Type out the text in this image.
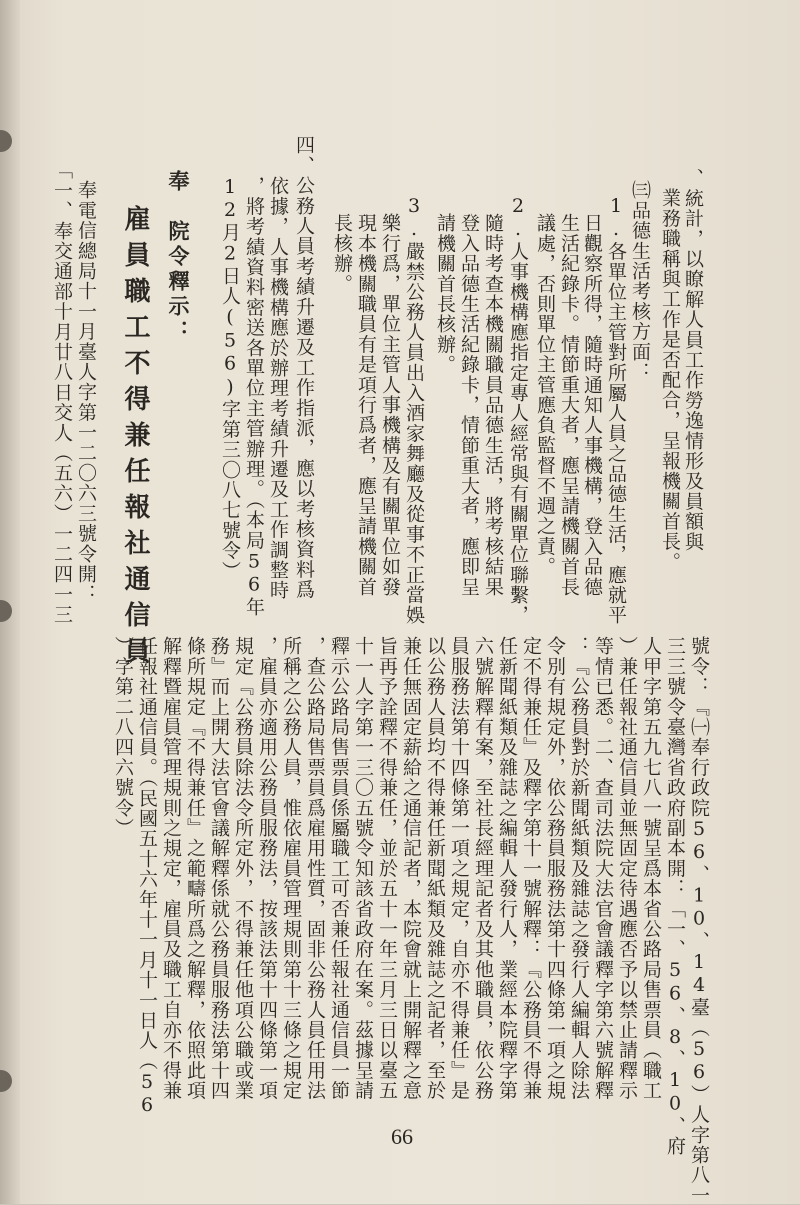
、統計，以瞭解人員工作勞逸情形及員額與
業務職稱與工作是否配合，呈報機關首長。
㈢品德生活考核方面：
1.各單位主管對所屬人員之品德生活，應就平
日觀察所得，隨時通知人事機構，登入品德
生活紀錄卡。情節重大者，應呈請機關首長
議處，否則單位主管應負監督不週之責。
2.人事機構應指定專人經常與有關單位聯繫，
隨時考查本機關職員品德生活，將考核結果
登入品德生活紀錄卡，情節重大者，應即呈
請機關首長核辦。
3.嚴禁公務人員出入酒家舞廳及從事不正當娛
樂行爲，單位主管人事機構及有關單位如發
現本機關職員有是項行爲者，應呈請機關首
長核辦。
四、公務人員考績升遷及工作指派，應以考核資料爲
依據，人事機構應於辦理考績升遷及工作調整時
，將考績資料密送各單位主管辦理。（本局56年
12月2日人(56)字第三〇八七號令）
奉　院令釋示：
雇員職工不得兼任報社通信員
奉電信總局十一月臺人字第一二〇六三號令開：
「一、奉交通部十月廿八日交人（五六）一二四一三
號令：『㈠奉行政院56、10、14臺（56）人字第八一
三三號令臺灣省政府副本開：「一、56、8、10、府
人甲字第五九七八一號呈爲本省公路局售票員（職工
）兼任報社通信員並無固定待遇應否予以禁止請釋示
等情已悉。二、查司法院大法官會議釋字第六號解釋
：『公務員對於新聞紙類及雜誌之發行人編輯人除法
令別有規定外，依公務員服務法第十四條第一項之規
定不得兼任』及釋字第十一號解釋：『公務員不得兼
任新聞紙類及雜誌之編輯人發行人，業經本院釋字第
六號解釋有案，至社長經理記者及其他職員，依公務
員服務法第十四條第一項之規定，自亦不得兼任』是
以公務人員均不得兼任新聞紙類及雜誌之記者，至於
兼任無固定薪給之通信記者，本院會就上開解釋之意
旨再予詮釋不得兼任，並於五十一年三月三日以臺五
十一人字第一三〇五號令知該省政府在案。茲據呈請
釋示公路局售票員係屬職工可否兼任報社通信員一節
，查公路局售票員爲雇用性質，固非公務人員任用法
所稱之公務人員，惟依雇員管理規則第十三條之規定
，雇員亦適用公務員服務法，按該法第十四條第一項
規定『公務員除法令所定外，不得兼任他項公職或業
務』而上開大法官會議解釋係就公務員服務法第十四
條所規定『不得兼任』之範疇所爲之解釋，依照此項
解釋暨雇員管理規則之規定，雇員及職工自亦不得兼
任報社通信員。（民國五十六年十一月十一日人（56
）字第二八四六號令）
66
